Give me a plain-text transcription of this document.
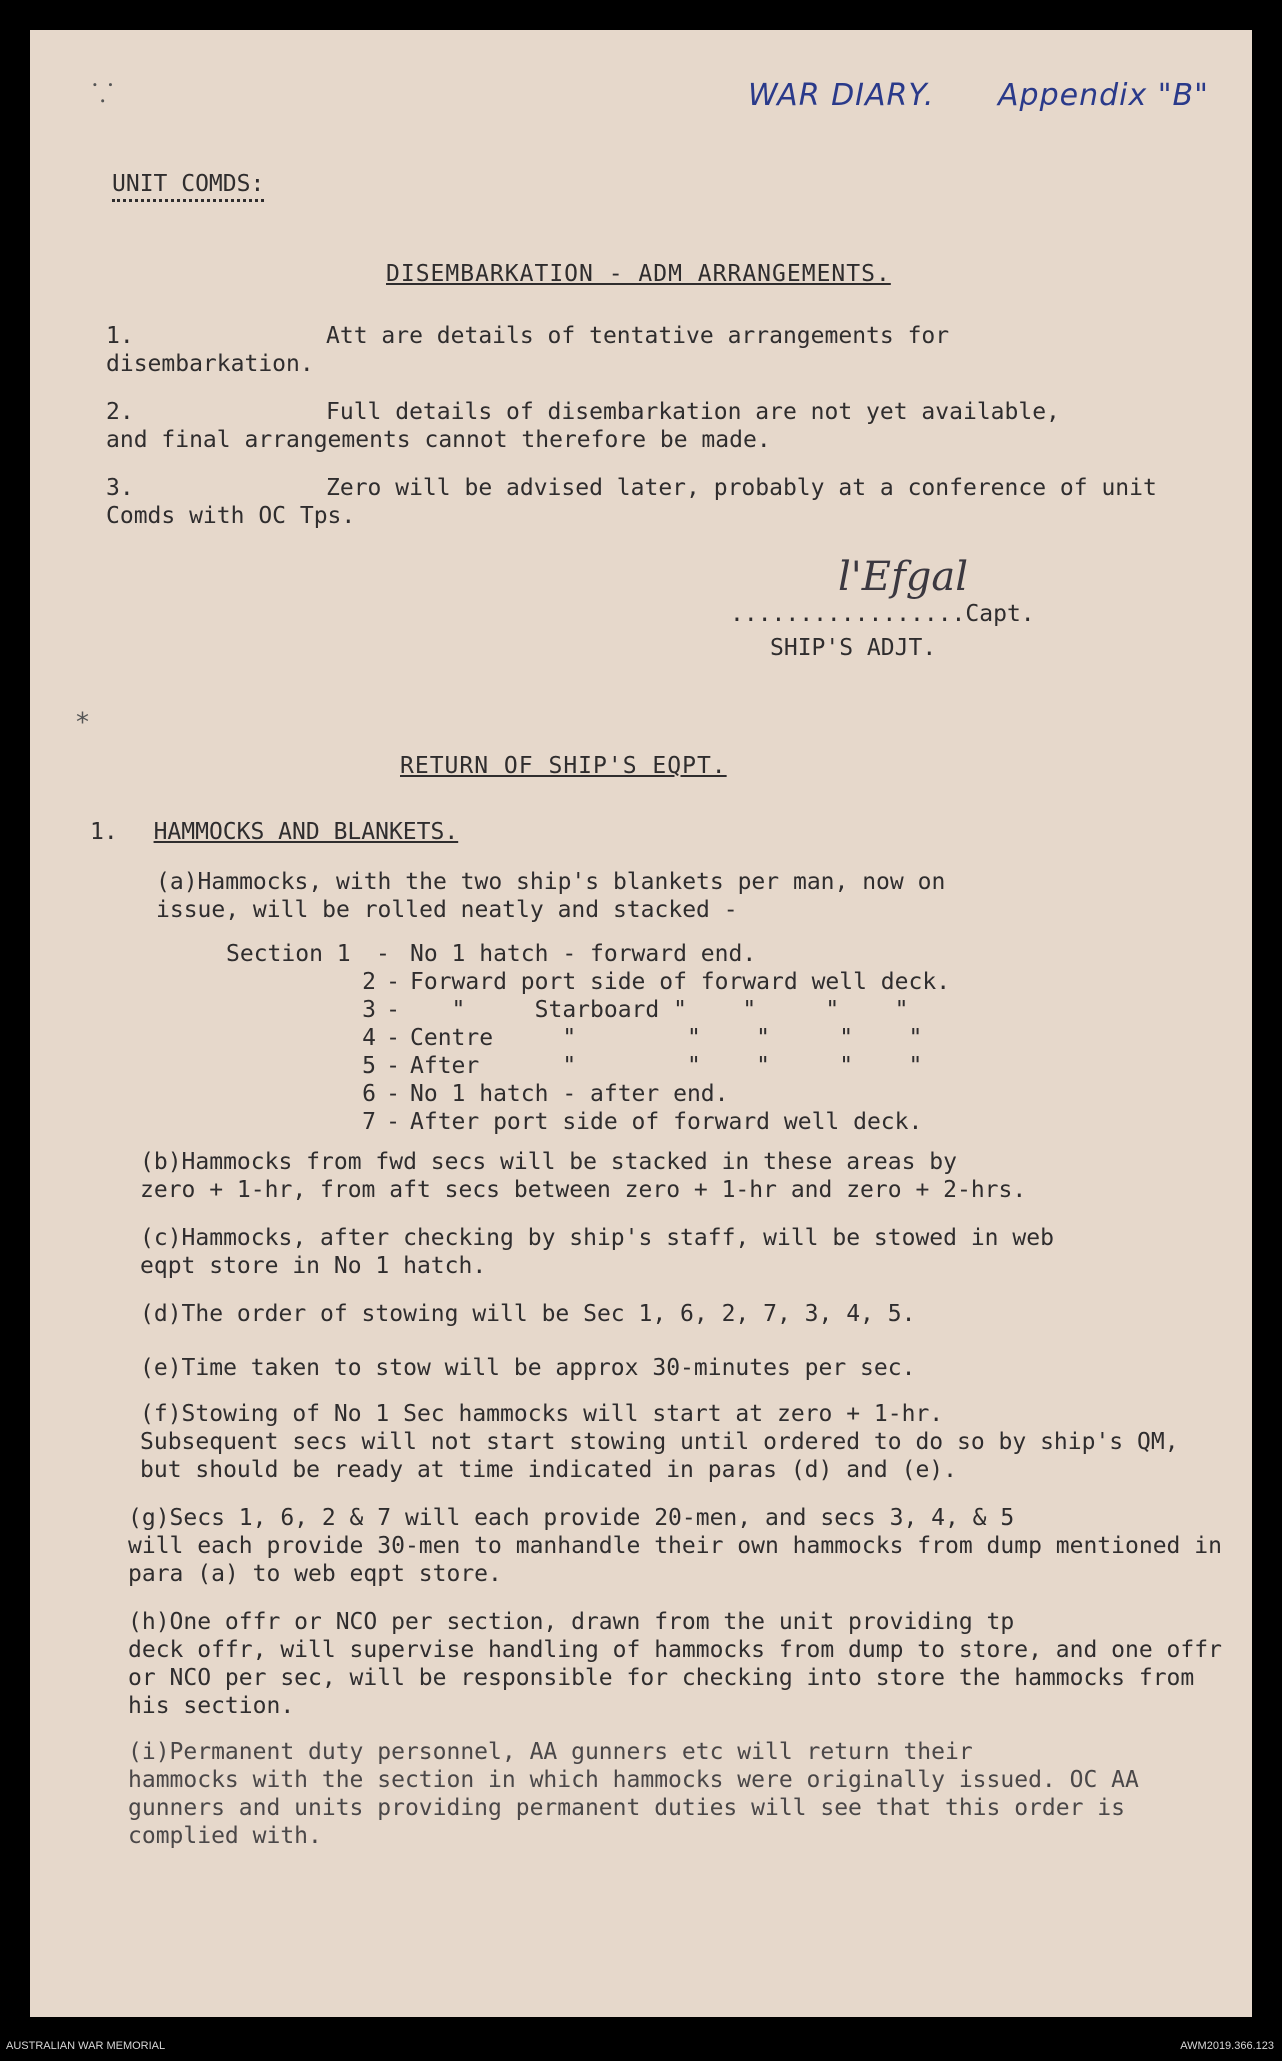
WAR DIARY. Appendix "B"
⸪
UNIT COMDS:
DISEMBARKATION - ADM ARRANGEMENTS.
1.	Att are details of tentative arrangements for
disembarkation.
2.	Full details of disembarkation are not yet available,
and final arrangements cannot therefore be made.
3.	Zero will be advised later, probably at a conference of unit
Comds with OC Tps.
l'Efgal
.................Capt.
SHIP'S ADJT.
⁎
RETURN OF SHIP'S EQPT.
1. HAMMOCKS AND BLANKETS.
(a)Hammocks, with the two ship's blankets per man, now on
issue, will be rolled neatly and stacked -
Section 1 - No 1 hatch - forward end.
2 - Forward port side of forward well deck.
3 -   "     Starboard "    "     "    "
4 - Centre     "        "    "     "    "
5 - After      "        "    "     "    "
6 - No 1 hatch - after end.
7 - After port side of forward well deck.
(b)Hammocks from fwd secs will be stacked in these areas by
zero + 1-hr, from aft secs between zero + 1-hr and zero + 2-hrs.
(c)Hammocks, after checking by ship's staff, will be stowed in web
eqpt store in No 1 hatch.
(d)The order of stowing will be Sec 1, 6, 2, 7, 3, 4, 5.
(e)Time taken to stow will be approx 30-minutes per sec.
(f)Stowing of No 1 Sec hammocks will start at zero + 1-hr.
Subsequent secs will not start stowing until ordered to do so by ship's QM, but should be ready at time indicated in paras (d) and (e).
(g)Secs 1, 6, 2 & 7 will each provide 20-men, and secs 3, 4, & 5
will each provide 30-men to manhandle their own hammocks from dump mentioned in para (a) to web eqpt store.
(h)One offr or NCO per section, drawn from the unit providing tp
deck offr, will supervise handling of hammocks from dump to store, and one offr or NCO per sec, will be responsible for checking into store the hammocks from his section.
(i)Permanent duty personnel, AA gunners etc will return their
hammocks with the section in which hammocks were originally issued. OC AA gunners and units providing permanent duties will see that this order is complied with.
AUSTRALIAN WAR MEMORIAL	AWM2019.366.123
